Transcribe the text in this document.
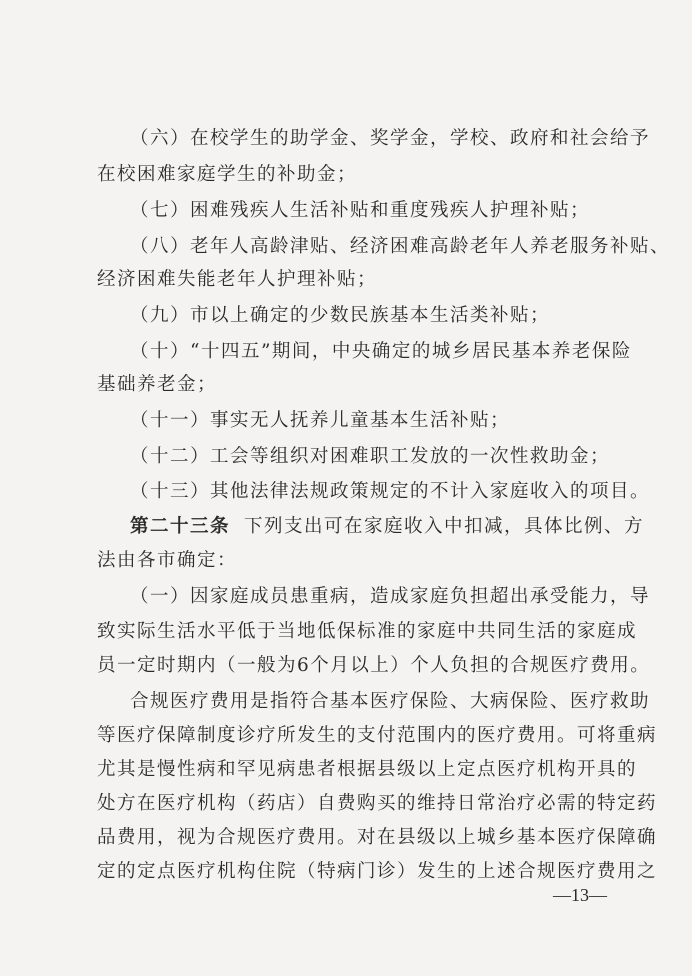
（六）在校学生的助学金、奖学金，学校、政府和社会给予
在校困难家庭学生的补助金；
（七）困难残疾人生活补贴和重度残疾人护理补贴；
（八）老年人高龄津贴、经济困难高龄老年人养老服务补贴、
经济困难失能老年人护理补贴；
（九）市以上确定的少数民族基本生活类补贴；
（十）“十四五”期间，中央确定的城乡居民基本养老保险
基础养老金；
（十一）事实无人抚养儿童基本生活补贴；
（十二）工会等组织对困难职工发放的一次性救助金；
（十三）其他法律法规政策规定的不计入家庭收入的项目。
第二十三条 下列支出可在家庭收入中扣减，具体比例、方
法由各市确定：
（一）因家庭成员患重病，造成家庭负担超出承受能力，导
致实际生活水平低于当地低保标准的家庭中共同生活的家庭成
员一定时期内（一般为6个月以上）个人负担的合规医疗费用。
合规医疗费用是指符合基本医疗保险、大病保险、医疗救助
等医疗保障制度诊疗所发生的支付范围内的医疗费用。可将重病
尤其是慢性病和罕见病患者根据县级以上定点医疗机构开具的
处方在医疗机构（药店）自费购买的维持日常治疗必需的特定药
品费用，视为合规医疗费用。对在县级以上城乡基本医疗保障确
定的定点医疗机构住院（特病门诊）发生的上述合规医疗费用之
—13—
